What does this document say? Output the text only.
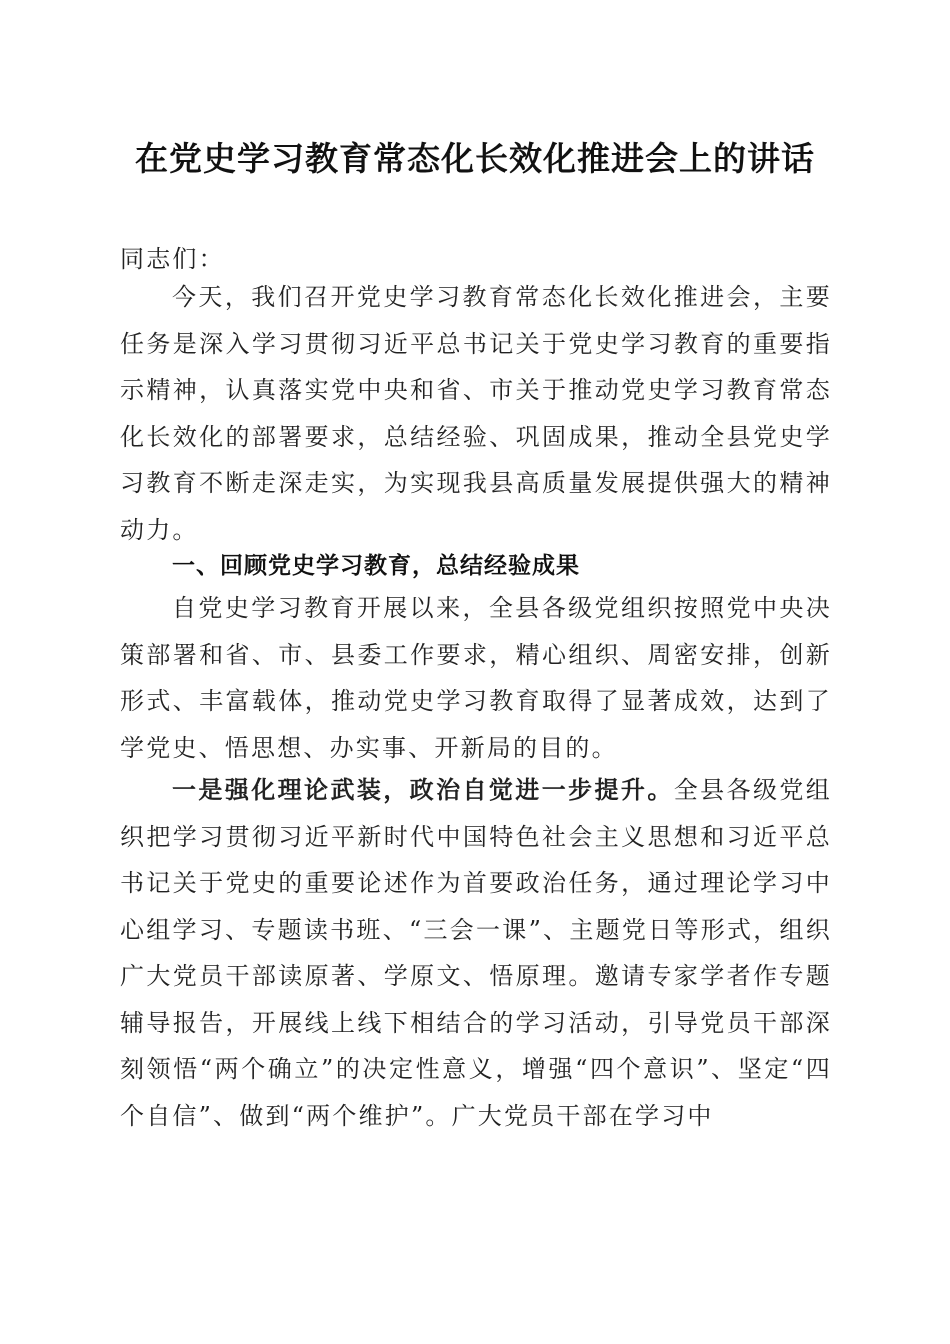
在党史学习教育常态化长效化推进会上的讲话

同志们：

今天，我们召开党史学习教育常态化长效化推进会，主要任务是深入学习贯彻习近平总书记关于党史学习教育的重要指示精神，认真落实党中央和省、市关于推动党史学习教育常态化长效化的部署要求，总结经验、巩固成果，推动全县党史学习教育不断走深走实，为实现我县高质量发展提供强大的精神动力。

一、回顾党史学习教育，总结经验成果

自党史学习教育开展以来，全县各级党组织按照党中央决策部署和省、市、县委工作要求，精心组织、周密安排，创新形式、丰富载体，推动党史学习教育取得了显著成效，达到了学党史、悟思想、办实事、开新局的目的。

一是强化理论武装，政治自觉进一步提升。全县各级党组织把学习贯彻习近平新时代中国特色社会主义思想和习近平总书记关于党史的重要论述作为首要政治任务，通过理论学习中心组学习、专题读书班、“三会一课”、主题党日等形式，组织广大党员干部读原著、学原文、悟原理。邀请专家学者作专题辅导报告，开展线上线下相结合的学习活动，引导党员干部深刻领悟“两个确立”的决定性意义，增强“四个意识”、坚定“四个自信”、做到“两个维护”。广大党员干部在学习中
